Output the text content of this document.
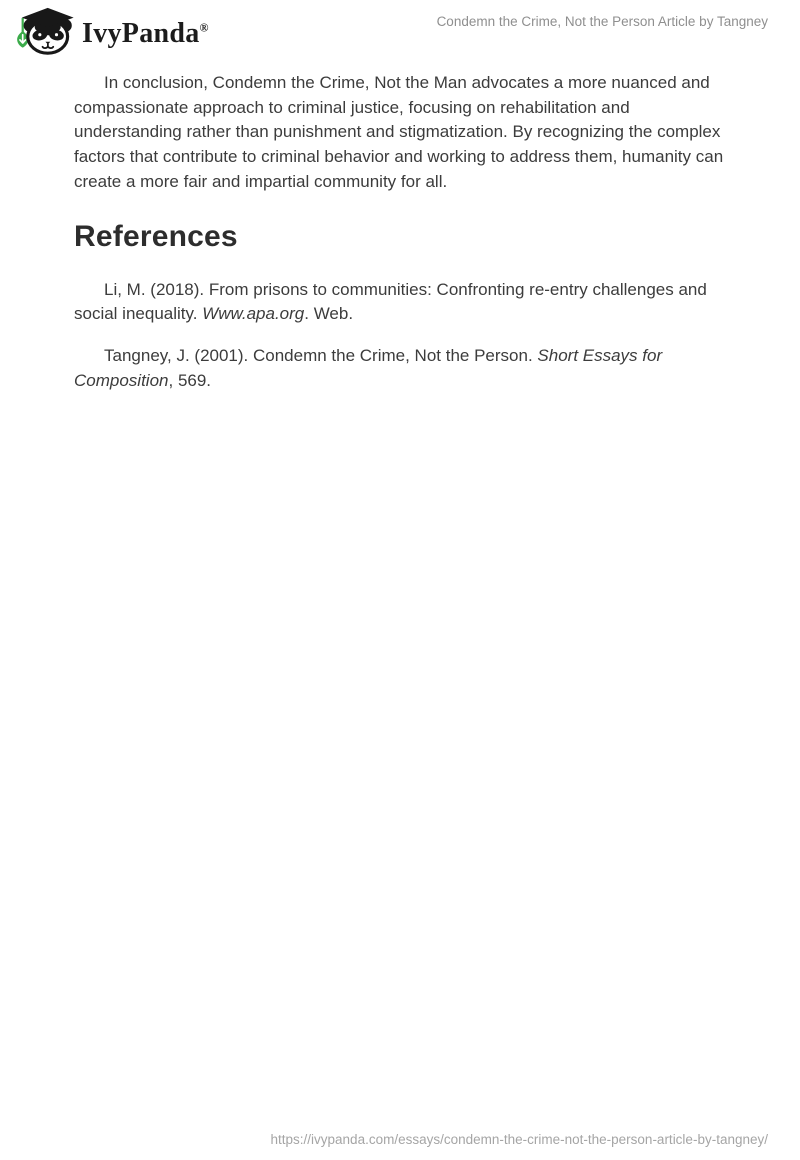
IvyPanda®	Condemn the Crime, Not the Person Article by Tangney

In conclusion, Condemn the Crime, Not the Man advocates a more nuanced and compassionate approach to criminal justice, focusing on rehabilitation and understanding rather than punishment and stigmatization. By recognizing the complex factors that contribute to criminal behavior and working to address them, humanity can create a more fair and impartial community for all.

References

Li, M. (2018). From prisons to communities: Confronting re-entry challenges and social inequality. Www.apa.org. Web.

Tangney, J. (2001). Condemn the Crime, Not the Person. Short Essays for Composition, 569.

https://ivypanda.com/essays/condemn-the-crime-not-the-person-article-by-tangney/
